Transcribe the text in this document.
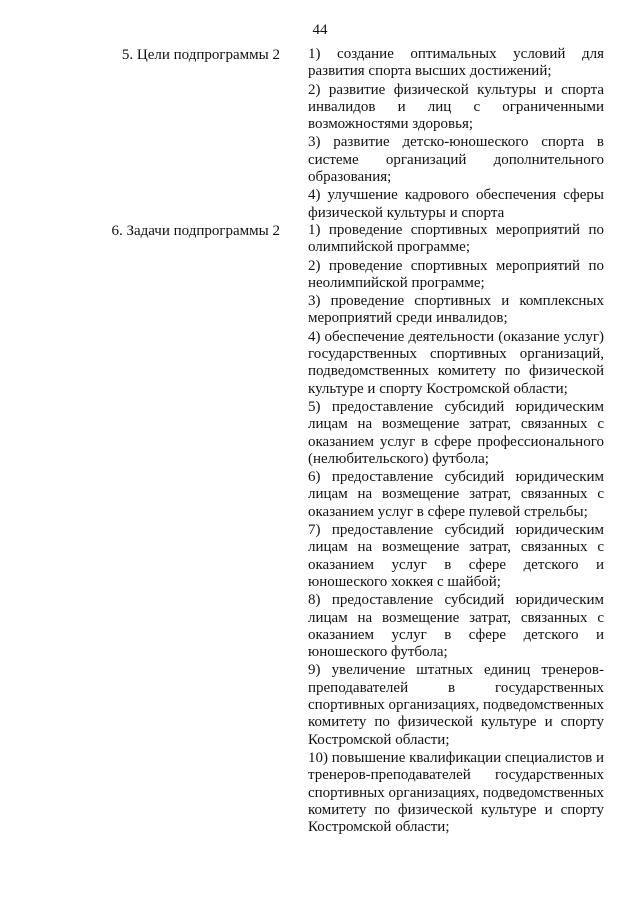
44
5. Цели подпрограммы 2 1) создание оптимальных условий для развития спорта высших достижений;

2) развитие физической культуры и спорта инвалидов и лиц с ограниченными возможностями здоровья;

3) развитие детско-юношеского спорта в системе организаций дополнительного образования;

4) улучшение кадрового обеспечения сферы физической культуры и спорта

6. Задачи подпрограммы 2 1) проведение спортивных мероприятий по олимпийской программе;

2) проведение спортивных мероприятий по неолимпийской программе;

3) проведение спортивных и комплексных мероприятий среди инвалидов;

4) обеспечение деятельности (оказание услуг) государственных спортивных организаций, подведомственных комитету по физической культуре и спорту Костромской области;

5) предоставление субсидий юридическим лицам на возмещение затрат, связанных с оказанием услуг в сфере профессионального (нелюбительского) футбола;

6) предоставление субсидий юридическим лицам на возмещение затрат, связанных с оказанием услуг в сфере пулевой стрельбы;

7) предоставление субсидий юридическим лицам на возмещение затрат, связанных с оказанием услуг в сфере детского и юношеского хоккея с шайбой;

8) предоставление субсидий юридическим лицам на возмещение затрат, связанных с оказанием услуг в сфере детского и юношеского футбола;

9) увеличение штатных единиц тренеров-преподавателей в государственных спортивных организациях, подведомственных комитету по физической культуре и спорту Костромской области;

10) повышение квалификации специалистов и тренеров-преподавателей государственных спортивных организациях, подведомственных комитету по физической культуре и спорту Костромской области;
